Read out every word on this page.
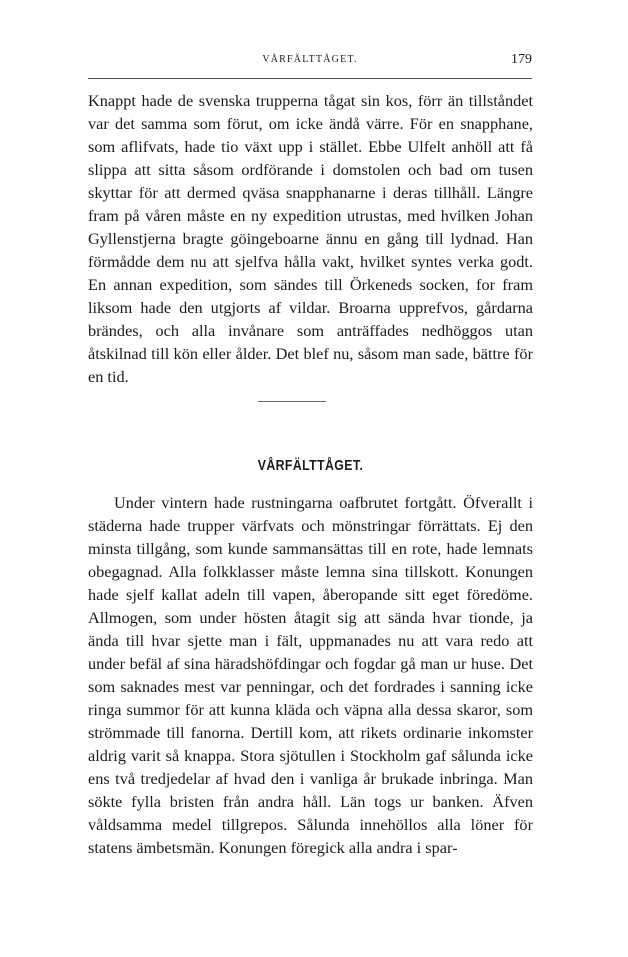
VÅRFÄLTTÅGET.	179

Knappt hade de svenska trupperna tågat sin kos, förr än tillståndet var det samma som förut, om icke ändå värre. För en snapphane, som aflifvats, hade tio växt upp i stället. Ebbe Ulfelt anhöll att få slippa att sitta såsom ordförande i domstolen och bad om tusen skyttar för att dermed qväsa snapphanarne i deras tillhåll. Längre fram på våren måste en ny expedition utrustas, med hvilken Johan Gyllenstjerna bragte göingeboarne ännu en gång till lydnad. Han förmådde dem nu att sjelfva hålla vakt, hvilket syntes verka godt. En annan expedition, som sändes till Örkeneds socken, for fram liksom hade den utgjorts af vildar. Broarna upprefvos, gårdarna brändes, och alla invånare som anträffades nedhöggos utan åtskilnad till kön eller ålder. Det blef nu, såsom man sade, bättre för en tid.

VÅRFÄLTTÅGET.

Under vintern hade rustningarna oafbrutet fortgått. Öfverallt i städerna hade trupper värfvats och mönstringar förrättats. Ej den minsta tillgång, som kunde sammansättas till en rote, hade lemnats obegagnad. Alla folkklasser måste lemna sina tillskott. Konungen hade sjelf kallat adeln till vapen, åberopande sitt eget föredöme. Allmogen, som under hösten åtagit sig att sända hvar tionde, ja ända till hvar sjette man i fält, uppmanades nu att vara redo att under befäl af sina häradshöfdingar och fogdar gå man ur huse. Det som saknades mest var penningar, och det fordrades i sanning icke ringa summor för att kunna kläda och väpna alla dessa skaror, som strömmade till fanorna. Dertill kom, att rikets ordinarie inkomster aldrig varit så knappa. Stora sjötullen i Stockholm gaf sålunda icke ens två tredjedelar af hvad den i vanliga år brukade inbringa. Man sökte fylla bristen från andra håll. Län togs ur banken. Äfven våldsamma medel tillgrepos. Sålunda innehöllos alla löner för statens ämbetsmän. Konungen föregick alla andra i spar-
